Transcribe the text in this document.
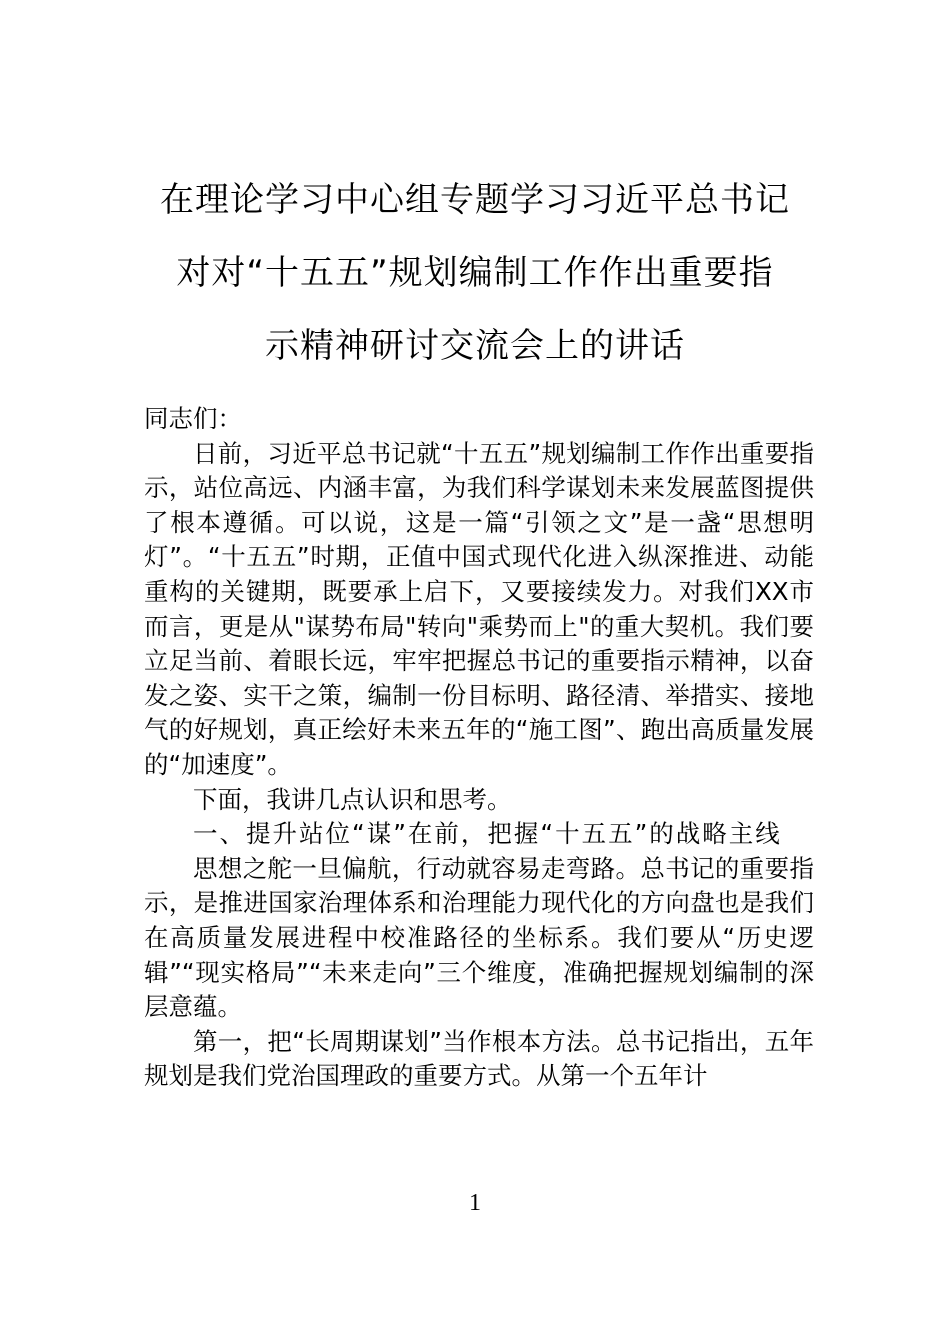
在理论学习中心组专题学习习近平总书记
对对“十五五”规划编制工作作出重要指
示精神研讨交流会上的讲话

同志们：

日前，习近平总书记就“十五五”规划编制工作作出重要指示，站位高远、内涵丰富，为我们科学谋划未来发展蓝图提供了根本遵循。可以说，这是一篇“引领之文”是一盏“思想明灯”。“十五五”时期，正值中国式现代化进入纵深推进、动能重构的关键期，既要承上启下，又要接续发力。对我们XX市而言，更是从"谋势布局"转向"乘势而上"的重大契机。我们要立足当前、着眼长远，牢牢把握总书记的重要指示精神，以奋发之姿、实干之策，编制一份目标明、路径清、举措实、接地气的好规划，真正绘好未来五年的“施工图”、跑出高质量发展的“加速度”。

下面，我讲几点认识和思考。

一、提升站位“谋”在前，把握“十五五”的战略主线

思想之舵一旦偏航，行动就容易走弯路。总书记的重要指示，是推进国家治理体系和治理能力现代化的方向盘也是我们在高质量发展进程中校准路径的坐标系。我们要从“历史逻辑”“现实格局”“未来走向”三个维度，准确把握规划编制的深层意蕴。

第一，把“长周期谋划”当作根本方法。总书记指出，五年规划是我们党治国理政的重要方式。从第一个五年计

1
